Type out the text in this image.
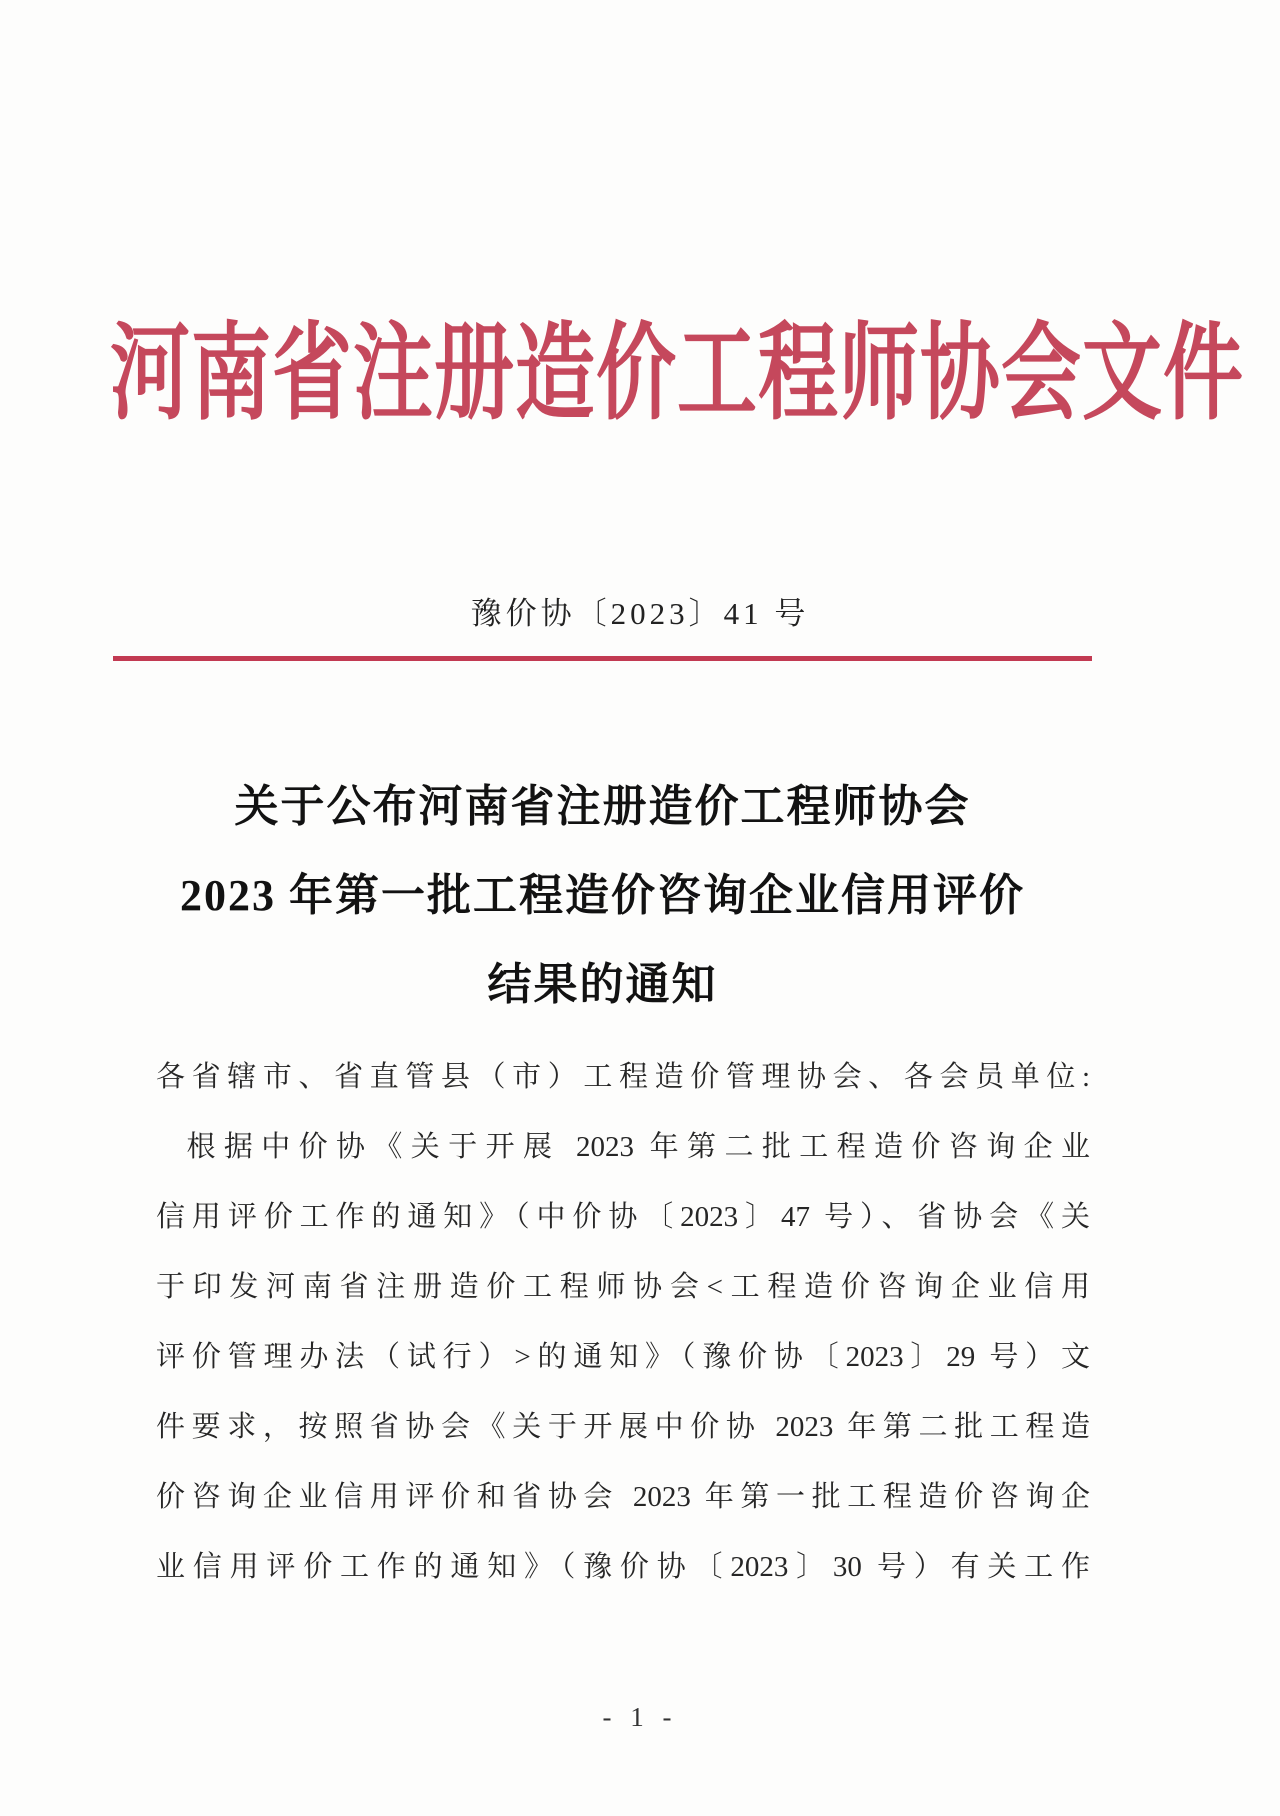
河南省注册造价工程师协会文件
豫价协〔2023〕41 号
关于公布河南省注册造价工程师协会
2023 年第一批工程造价咨询企业信用评价
结果的通知
各省辖市、省直管县（市）工程造价管理协会、各会员单位:
根据中价协《关于开展 2023 年第二批工程造价咨询企业
信用评价工作的通知》（中价协〔2023〕47 号）、省协会《关
于印发河南省注册造价工程师协会<工程造价咨询企业信用
评价管理办法（试行）>的通知》（豫价协〔2023〕29 号）文
件要求，按照省协会《关于开展中价协 2023 年第二批工程造
价咨询企业信用评价和省协会 2023 年第一批工程造价咨询企
业信用评价工作的通知》（豫价协〔2023〕30 号）有关工作
- 1 -
